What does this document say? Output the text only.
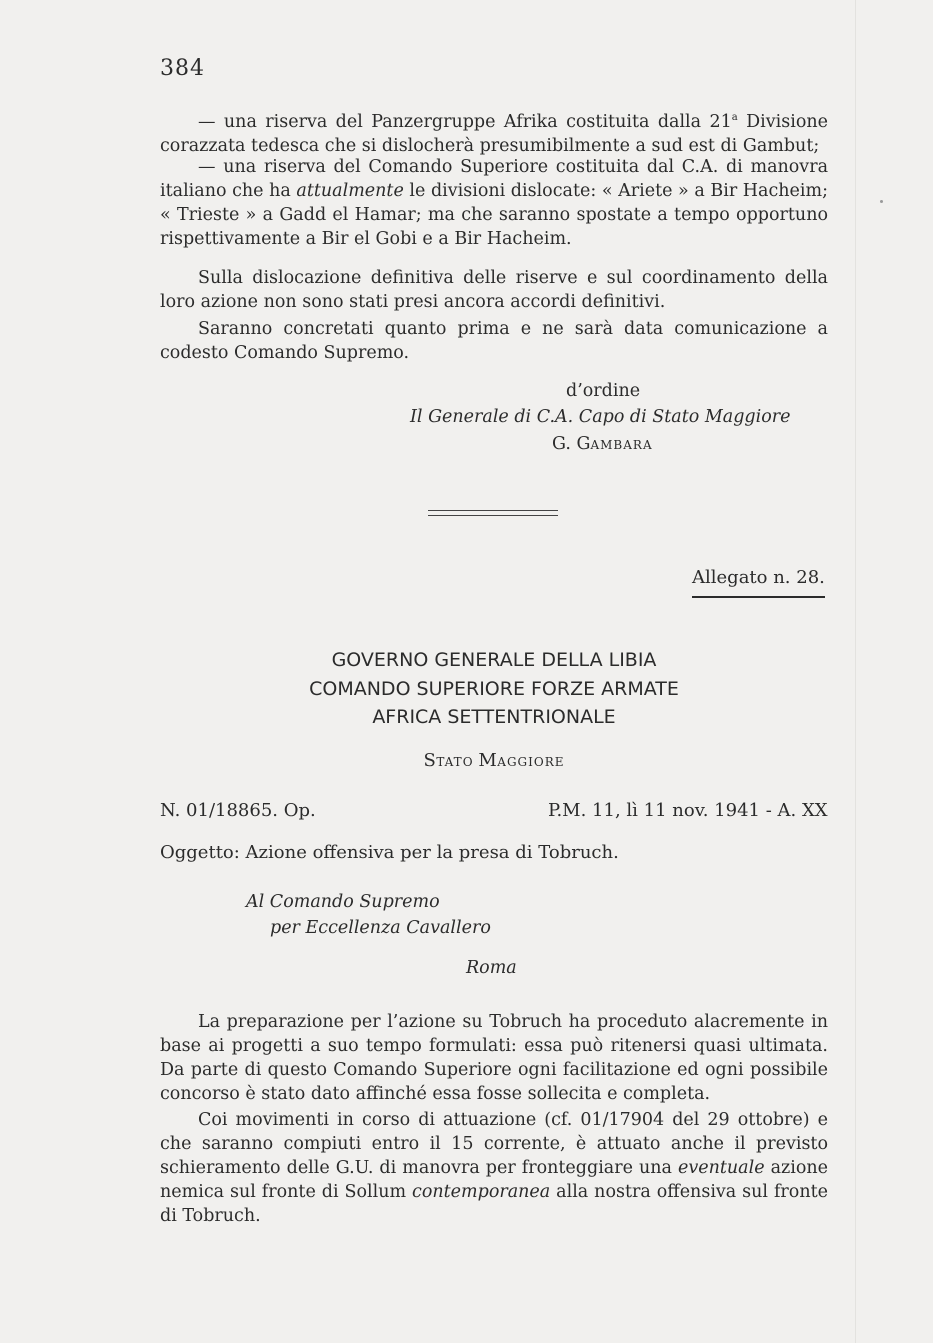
384

— una riserva del Panzergruppe Afrika costituita dalla 21$^a$ Divisione corazzata tedesca che si dislocherà presumibilmente a sud est di Gambut;

— una riserva del Comando Superiore costituita dal C.A. di manovra italiano che ha attualmente le divisioni dislocate: « Ariete » a Bir Hacheim; « Trieste » a Gadd el Hamar; ma che saranno spostate a tempo opportuno rispettivamente a Bir el Gobi e a Bir Hacheim.

Sulla dislocazione definitiva delle riserve e sul coordinamento della loro azione non sono stati presi ancora accordi definitivi.

Saranno concretati quanto prima e ne sarà data comunicazione a codesto Comando Supremo.

d’ordine

Il Generale di C.A. Capo di Stato Maggiore

G. GAMBARA

Allegato n. 28.
GOVERNO GENERALE DELLA LIBIA
COMANDO SUPERIORE FORZE ARMATE
AFRICA SETTENTRIONALE
STATO MAGGIORE
N. 01/18865. Op.	P.M. 11, lì 11 nov. 1941 - A. XX
Oggetto: Azione offensiva per la presa di Tobruch.
Al Comando Supremo
per Eccellenza Cavallero
Roma

La preparazione per l’azione su Tobruch ha proceduto alacremente in base ai progetti a suo tempo formulati: essa può ritenersi quasi ultimata. Da parte di questo Comando Superiore ogni facilitazione ed ogni possibile concorso è stato dato affinché essa fosse sollecita e completa.

Coi movimenti in corso di attuazione (cf. 01/17904 del 29 ottobre) e che saranno compiuti entro il 15 corrente, è attuato anche il previsto schieramento delle G.U. di manovra per fronteggiare una eventuale azione nemica sul fronte di Sollum contemporanea alla nostra offensiva sul fronte di Tobruch.
